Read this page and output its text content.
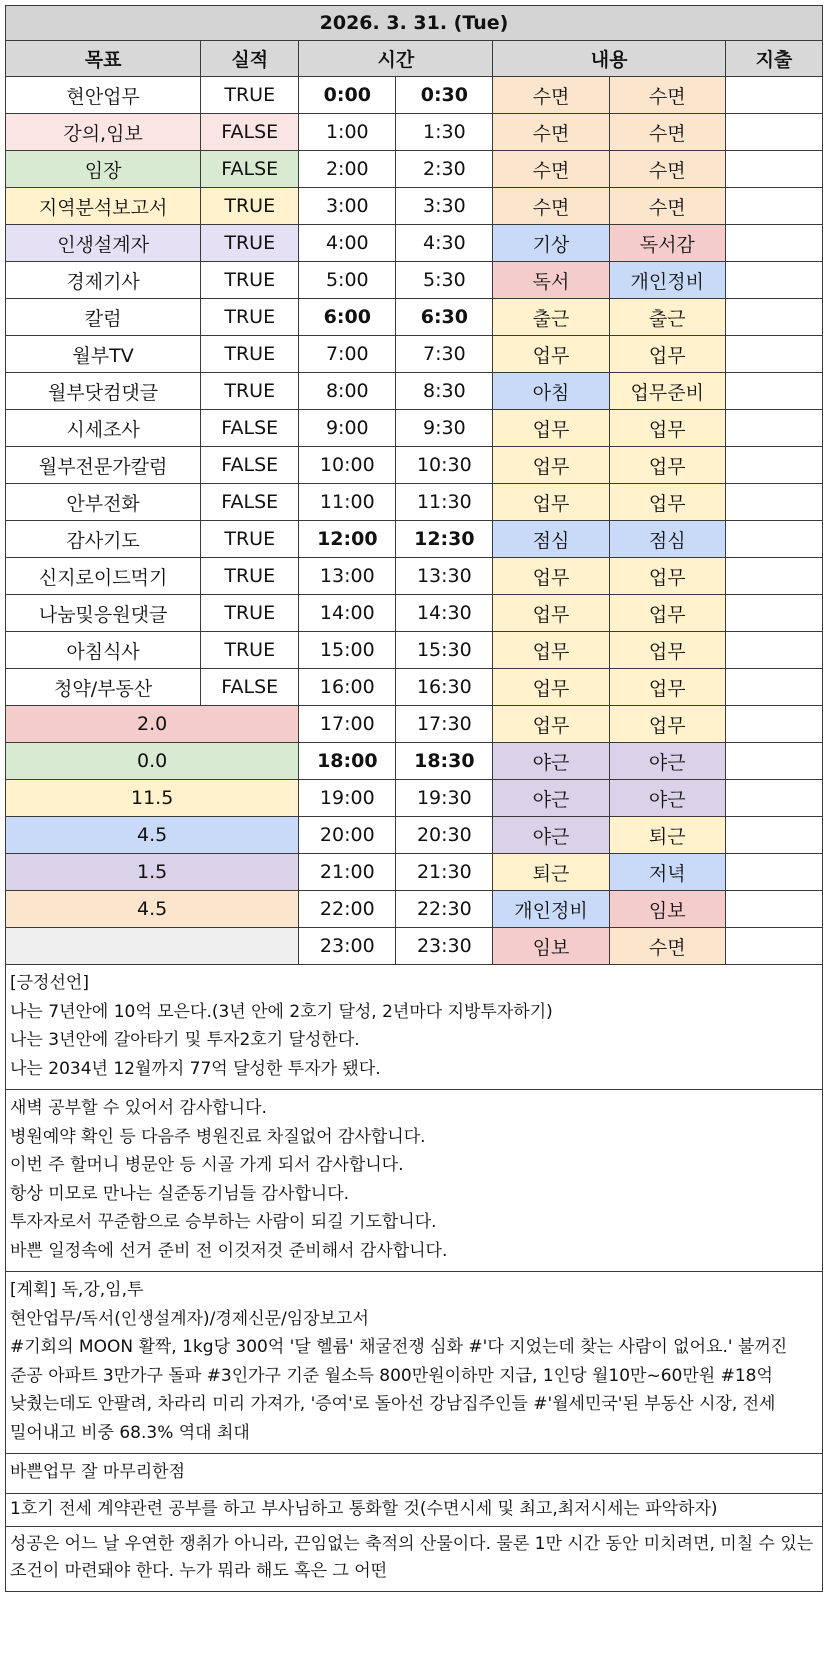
2026. 3. 31. (Tue)						
목표	실적	시간		내용		지출
현안업무	TRUE	0:00	0:30	수면	수면	
강의,임보	FALSE	1:00	1:30	수면	수면	
임장	FALSE	2:00	2:30	수면	수면	
지역분석보고서	TRUE	3:00	3:30	수면	수면	
인생설계자	TRUE	4:00	4:30	기상	독서감	
경제기사	TRUE	5:00	5:30	독서	개인정비	
칼럼	TRUE	6:00	6:30	출근	출근	
월부TV	TRUE	7:00	7:30	업무	업무	
월부닷컴댓글	TRUE	8:00	8:30	아침	업무준비	
시세조사	FALSE	9:00	9:30	업무	업무	
월부전문가칼럼	FALSE	10:00	10:30	업무	업무	
안부전화	FALSE	11:00	11:30	업무	업무	
감사기도	TRUE	12:00	12:30	점심	점심	
신지로이드먹기	TRUE	13:00	13:30	업무	업무	
나눔및응원댓글	TRUE	14:00	14:30	업무	업무	
아침식사	TRUE	15:00	15:30	업무	업무	
청약/부동산	FALSE	16:00	16:30	업무	업무	
2.0		17:00	17:30	업무	업무	
0.0		18:00	18:30	야근	야근	
11.5		19:00	19:30	야근	야근	
4.5		20:00	20:30	야근	퇴근	
1.5		21:00	21:30	퇴근	저녁	
4.5		22:00	22:30	개인정비	임보	
		23:00	23:30	임보	수면	

[긍정선언]

나는 7년안에 10억 모은다.(3년 안에 2호기 달성, 2년마다 지방투자하기)

나는 3년안에 갈아타기 및 투자2호기 달성한다.

나는 2034년 12월까지 77억 달성한 투자가 됐다.

새벽 공부할 수 있어서 감사합니다.

병원예약 확인 등 다음주 병원진료 차질없어 감사합니다.

이번 주 할머니 병문안 등 시골 가게 되서 감사합니다.

항상 미모로 만나는 실준동기님들 감사합니다.

투자자로서 꾸준함으로 승부하는 사람이 되길 기도합니다.

바쁜 일정속에 선거 준비 전 이것저것 준비해서 감사합니다.

[계획] 독,강,임,투

현안업무/독서(인생설계자)/경제신문/임장보고서

#기회의 MOON 활짝, 1kg당 300억 '달 헬륨' 채굴전쟁 심화 #'다 지었는데 찾는 사람이 없어요.' 불꺼진 준공 아파트 3만가구 돌파 #3인가구 기준 월소득 800만원이하만 지급, 1인당 월10만~60만원 #18억 낮췄는데도 안팔려, 차라리 미리 가져가, '증여'로 돌아선 강남집주인들 #'월세민국'된 부동산 시장, 전세 밀어내고 비중 68.3% 역대 최대

바쁜업무 잘 마무리한점

1호기 전세 계약관련 공부를 하고 부사님하고 통화할 것(수면시세 및 최고,최저시세는 파악하자)

성공은 어느 날 우연한 쟁취가 아니라, 끈임없는 축적의 산물이다. 물론 1만 시간 동안 미치려면, 미칠 수 있는 조건이 마련돼야 한다. 누가 뭐라 해도 혹은 그 어떤
